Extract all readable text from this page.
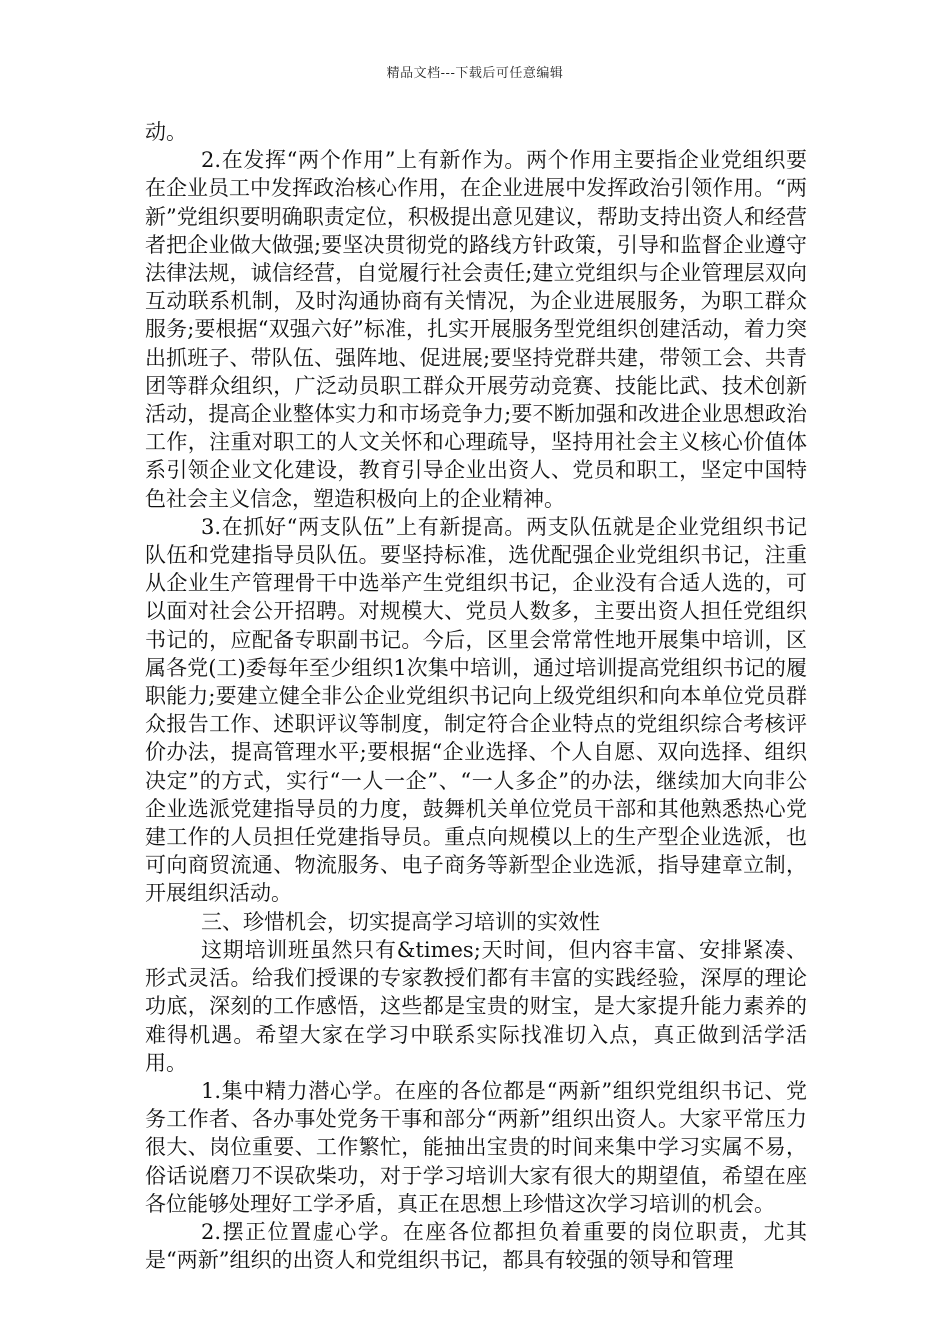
精品文档---下载后可任意编辑

动。

2.在发挥“两个作用”上有新作为。两个作用主要指企业党组织要在企业员工中发挥政治核心作用，在企业进展中发挥政治引领作用。“两新”党组织要明确职责定位，积极提出意见建议，帮助支持出资人和经营者把企业做大做强;要坚决贯彻党的路线方针政策，引导和监督企业遵守法律法规，诚信经营，自觉履行社会责任;建立党组织与企业管理层双向互动联系机制，及时沟通协商有关情况，为企业进展服务，为职工群众服务;要根据“双强六好”标准，扎实开展服务型党组织创建活动，着力突出抓班子、带队伍、强阵地、促进展;要坚持党群共建，带领工会、共青团等群众组织，广泛动员职工群众开展劳动竞赛、技能比武、技术创新活动，提高企业整体实力和市场竞争力;要不断加强和改进企业思想政治工作，注重对职工的人文关怀和心理疏导，坚持用社会主义核心价值体系引领企业文化建设，教育引导企业出资人、党员和职工，坚定中国特色社会主义信念，塑造积极向上的企业精神。

3.在抓好“两支队伍”上有新提高。两支队伍就是企业党组织书记队伍和党建指导员队伍。要坚持标准，选优配强企业党组织书记，注重从企业生产管理骨干中选举产生党组织书记，企业没有合适人选的，可以面对社会公开招聘。对规模大、党员人数多，主要出资人担任党组织书记的，应配备专职副书记。今后，区里会常常性地开展集中培训，区属各党(工)委每年至少组织1次集中培训，通过培训提高党组织书记的履职能力;要建立健全非公企业党组织书记向上级党组织和向本单位党员群众报告工作、述职评议等制度，制定符合企业特点的党组织综合考核评价办法，提高管理水平;要根据“企业选择、个人自愿、双向选择、组织决定”的方式，实行“一人一企”、“一人多企”的办法，继续加大向非公企业选派党建指导员的力度，鼓舞机关单位党员干部和其他熟悉热心党建工作的人员担任党建指导员。重点向规模以上的生产型企业选派，也可向商贸流通、物流服务、电子商务等新型企业选派，指导建章立制，开展组织活动。

三、珍惜机会，切实提高学习培训的实效性

这期培训班虽然只有&times;天时间，但内容丰富、安排紧凑、形式灵活。给我们授课的专家教授们都有丰富的实践经验，深厚的理论功底，深刻的工作感悟，这些都是宝贵的财宝，是大家提升能力素养的难得机遇。希望大家在学习中联系实际找准切入点，真正做到活学活用。

1.集中精力潜心学。在座的各位都是“两新”组织党组织书记、党务工作者、各办事处党务干事和部分“两新”组织出资人。大家平常压力很大、岗位重要、工作繁忙，能抽出宝贵的时间来集中学习实属不易，俗话说磨刀不误砍柴功，对于学习培训大家有很大的期望值，希望在座各位能够处理好工学矛盾，真正在思想上珍惜这次学习培训的机会。

2.摆正位置虚心学。在座各位都担负着重要的岗位职责，尤其是“两新”组织的出资人和党组织书记，都具有较强的领导和管理
